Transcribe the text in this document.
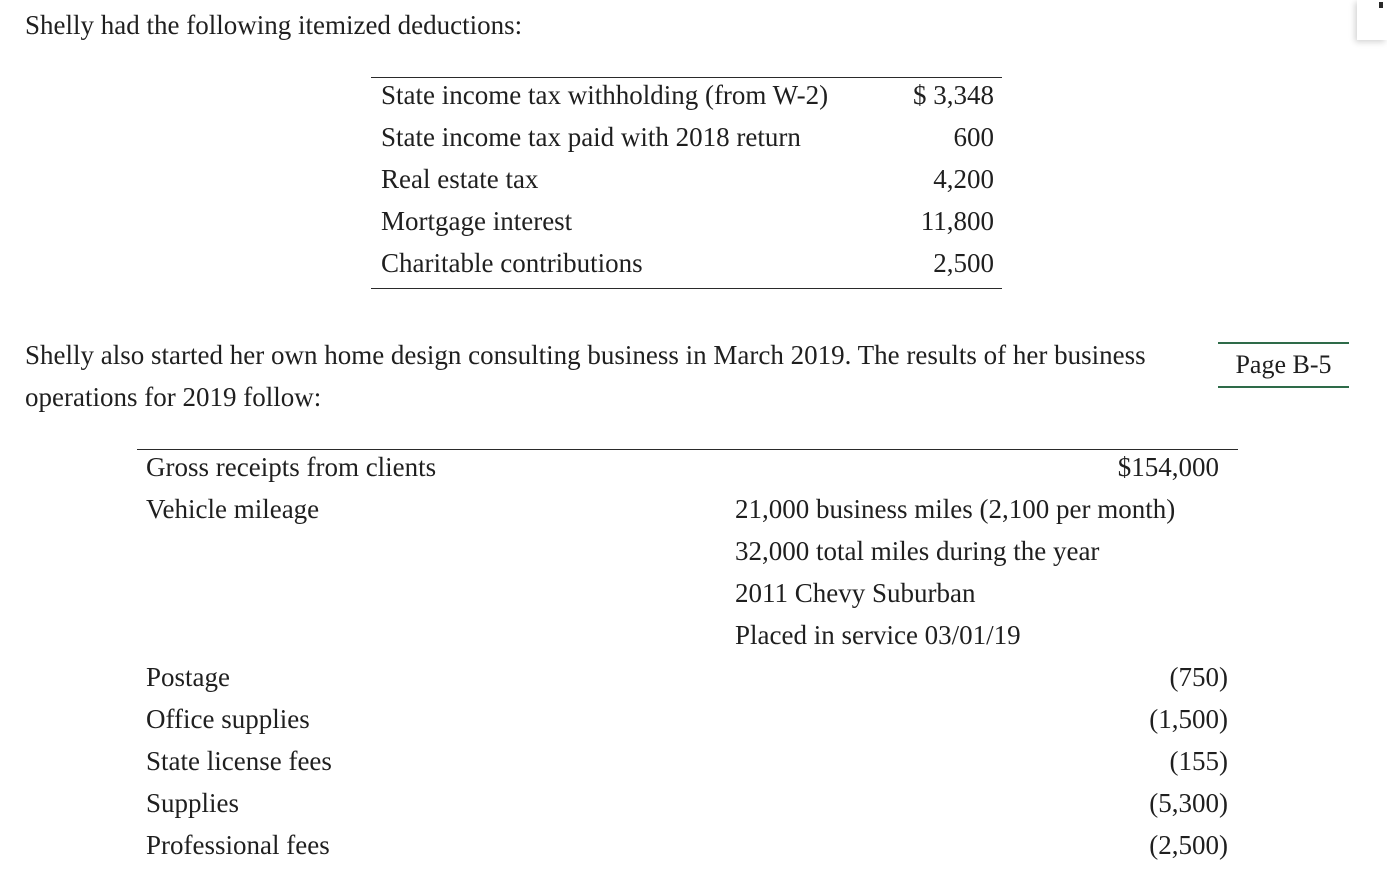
Shelly had the following itemized deductions:

State income tax withholding (from W-2)	$ 3,348
State income tax paid with 2018 return	600
Real estate tax	4,200
Mortgage interest	11,800
Charitable contributions	2,500

Shelly also started her own home design consulting business in March 2019. The results of her business operations for 2019 follow:

Page B-5
Gross receipts from clients	$154,000
Vehicle mileage	21,000 business miles (2,100 per month)
32,000 total miles during the year
2011 Chevy Suburban
Placed in service 03/01/19
Postage	(750)
Office supplies	(1,500)
State license fees	(155)
Supplies	(5,300)
Professional fees	(2,500)
